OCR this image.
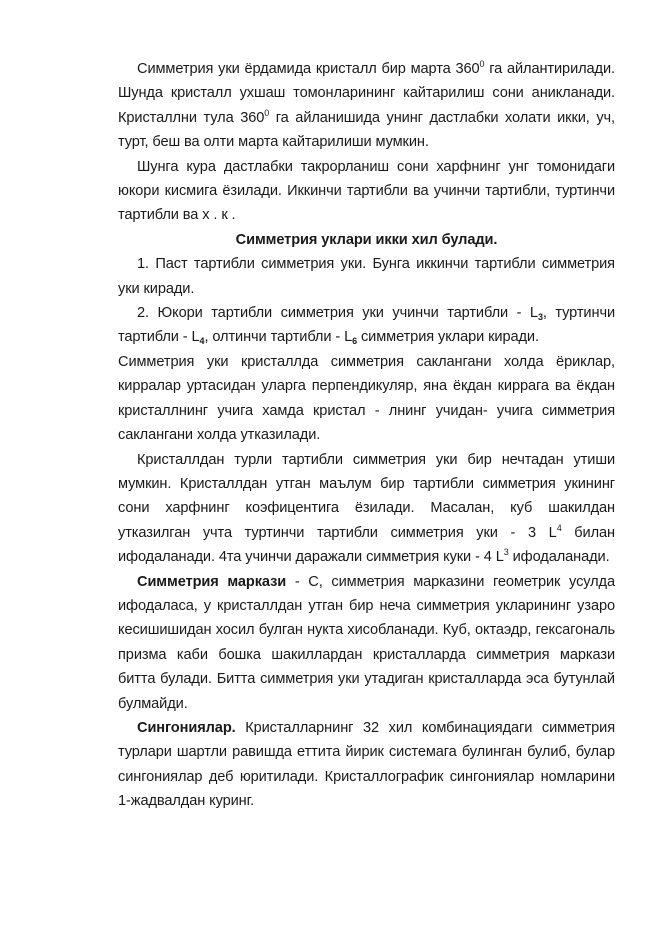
Симметрия уки ёрдамида кристалл бир марта $360^0$ га айлантирилади. Шунда кристалл ухшаш томонларининг кайтарилиш сони аникланади. Кристаллни тула $360^0$ га айланишида унинг дастлабки холати икки, уч, турт, беш ва олти марта кайтарилиши мумкин.

Шунга кура дастлабки такрорланиш сони харфнинг унг томонидаги юкори кисмига ёзилади. Иккинчи тартибли ва учинчи тартибли, туртинчи тартибли ва х . к .

Симметрия уклари икки хил булади.

1. Паст тартибли симметрия уки. Бунга иккинчи тартибли симметрия уки киради.

2. Юкори тартибли симметрия уки учинчи тартибли - $L_3$, туртинчи тартибли - $L_4$, олтинчи тартибли - $L_6$ симметрия уклари киради.

Симметрия уки кристаллда симметрия саклангани холда ёриклар, кирралар уртасидан уларга перпендикуляр, яна ёкдан киррага ва ёкдан кристаллнинг учига хамда кристал - лнинг учидан- учига симметрия саклангани холда утказилади.

Кристаллдан турли тартибли симметрия уки бир нечтадан утиши мумкин. Кристаллдан утган маълум бир тартибли симметрия укининг сони харфнинг коэфицентига ёзилади. Масалан, куб шакилдан утказилган учта туртинчи тартибли симметрия уки - 3 $L^4$ билан ифодаланади. 4та учинчи даражали симметрия куки - 4 $L^3$ ифодаланади.

Симметрия маркази - С, симметрия марказини геометрик усулда ифодаласа, у кристаллдан утган бир неча симметрия укларининг узаро кесишишидан хосил булган нукта хисобланади. Куб, октаэдр, гексагональ призма каби бошка шакиллардан кристалларда симметрия маркази битта булади. Битта симметрия уки утадиган кристалларда эса бутунлай булмайди.

Сингониялар. Кристалларнинг 32 хил комбинациядаги симметрия турлари шартли равишда еттита йирик системага булинган булиб, булар сингониялар деб юритилади. Кристаллографик сингониялар номларини 1-жадвалдан куринг.
